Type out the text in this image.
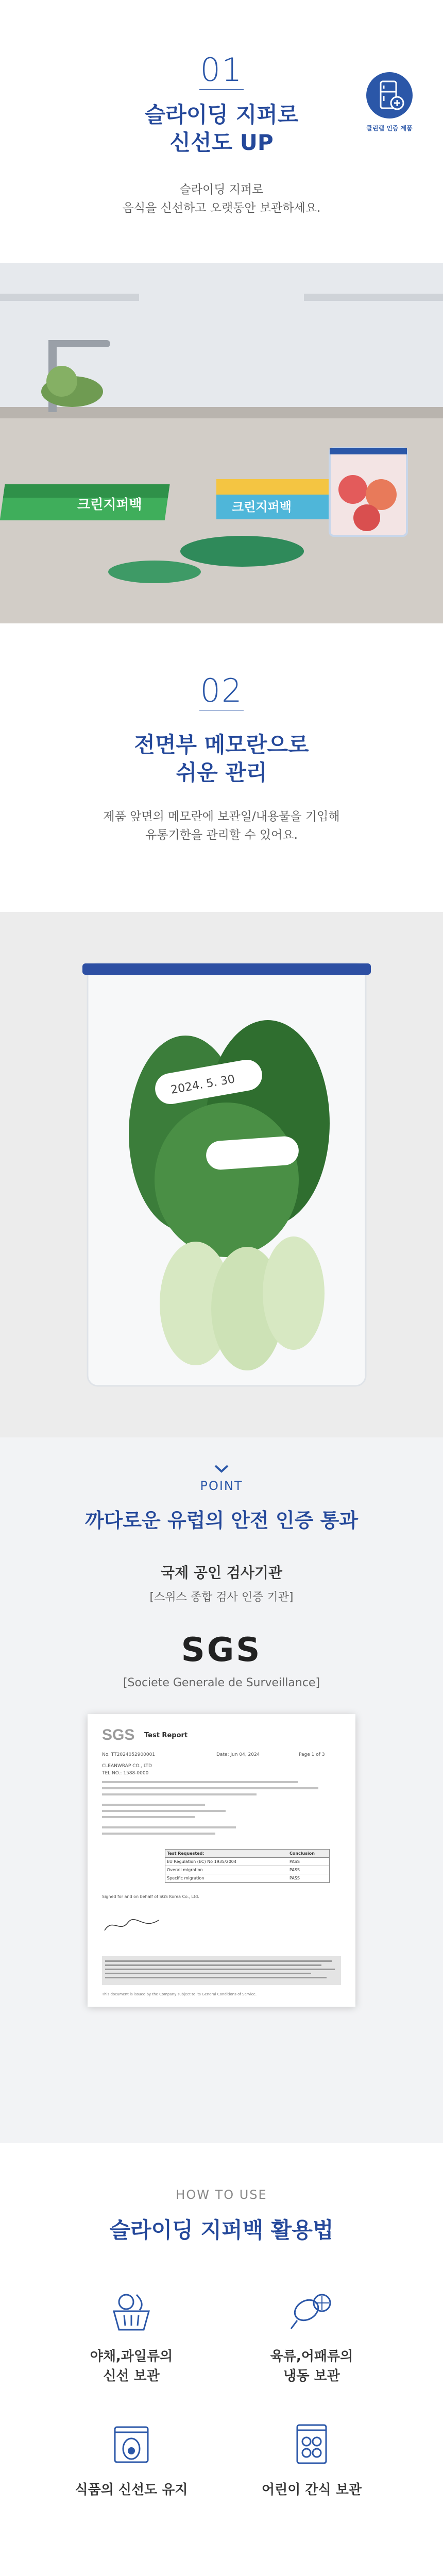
01
슬라이딩 지퍼로
신선도 UP
슬라이딩 지퍼로
음식을 신선하고 오랫동안 보관하세요.
클린랩 인증 제품
크린지퍼백	크린지퍼백
02
전면부 메모란으로
쉬운 관리
제품 앞면의 메모란에 보관일/내용물을 기입해
유통기한을 관리할 수 있어요.
2024. 5. 30
POINT
까다로운 유럽의 안전 인증 통과
국제 공인 검사기관
[스위스 종합 검사 인증 기관]
SGS
[Societe Generale de Surveillance]
SGS Test Report
No. TT2024052900001	Date: Jun 04, 2024	Page 1 of 3
CLEANWRAP CO., LTD
TEL NO.: 1588-0000
Test Requested:	Conclusion
EU Regulation (EC) No 1935/2004	PASS
Overall migration	PASS
Specific migration	PASS
Signed for and on behalf of SGS Korea Co., Ltd.
This document is issued by the Company subject to its General Conditions of Service.
HOW TO USE
슬라이딩 지퍼백 활용법
야채,과일류의
신선 보관
육류,어패류의
냉동 보관
식품의 신선도 유지	어린이 간식 보관
